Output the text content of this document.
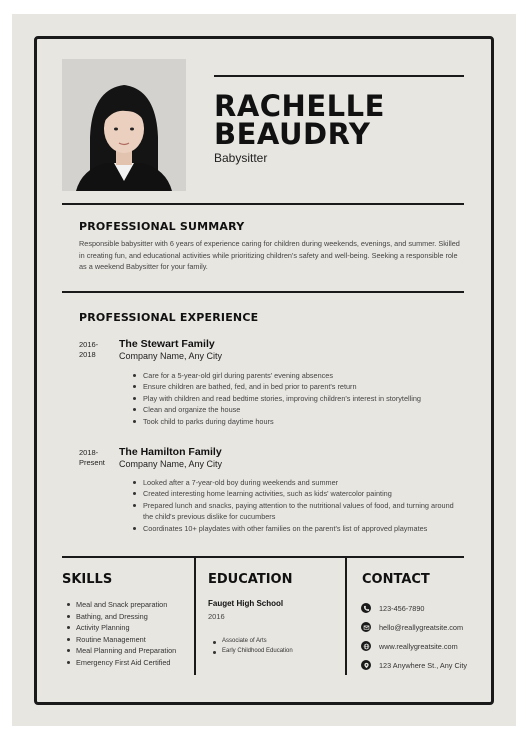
RACHELLE
BEAUDRY
Babysitter
PROFESSIONAL SUMMARY
Responsible babysitter with 6 years of experience caring for children during weekends, evenings, and summer. Skilled in creating fun, and educational activities while prioritizing children's safety and well-being. Seeking a responsible role as a weekend Babysitter for your family.
PROFESSIONAL EXPERIENCE
2016-
2018
The Stewart Family
Company Name, Any City
Care for a 5-year-old girl during parents' evening absences
Ensure children are bathed, fed, and in bed prior to parent's return
Play with children and read bedtime stories, improving children's interest in storytelling
Clean and organize the house
Took child to parks during daytime hours
2018-
Present
The Hamilton Family
Company Name, Any City
Looked after a 7-year-old boy during weekends and summer
Created interesting home learning activities, such as kids' watercolor painting
Prepared lunch and snacks, paying attention to the nutritional values of food, and turning around the child's previous dislike for cucumbers
Coordinates 10+ playdates with other families on the parent's list of approved playmates
SKILLS
Meal and Snack preparation
Bathing, and Dressing
Activity Planning
Routine Management
Meal Planning and Preparation
Emergency First Aid Certified
EDUCATION
Fauget High School
2016
Associate of Arts
Early Childhood Education
CONTACT
123-456-7890
hello@reallygreatsite.com
www.reallygreatsite.com
123 Anywhere St., Any City
